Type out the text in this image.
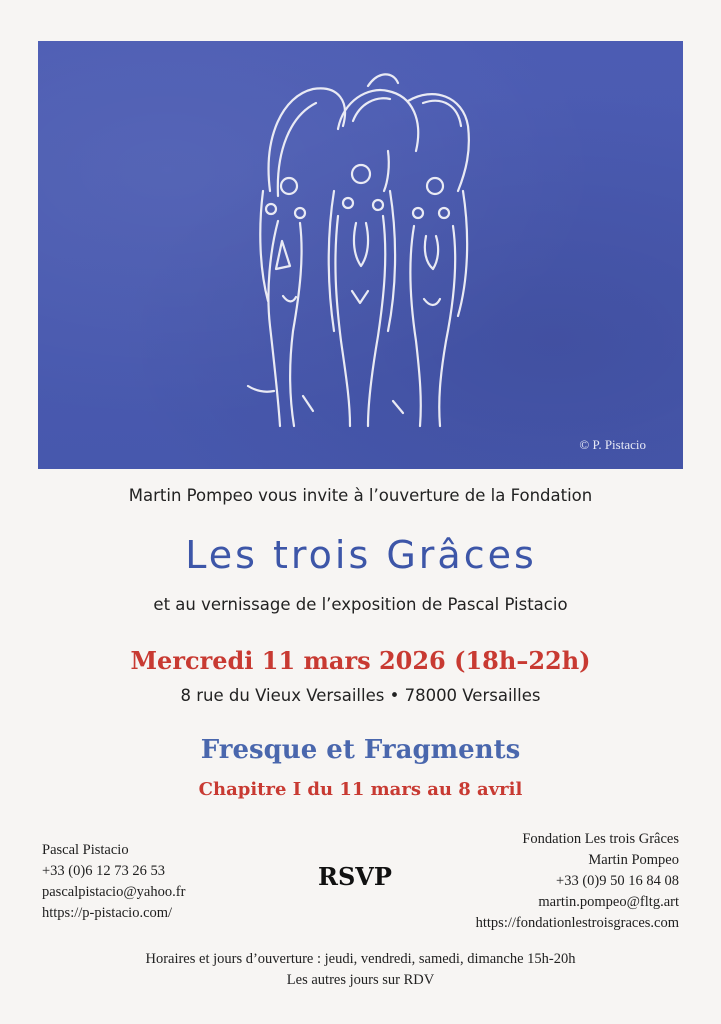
© P. Pistacio
Martin Pompeo vous invite à l’ouverture de la Fondation
Les trois Grâces
et au vernissage de l’exposition de Pascal Pistacio
Mercredi 11 mars 2026 (18h–22h)
8 rue du Vieux Versailles • 78000 Versailles
Fresque et Fragments
Chapitre I du 11 mars au 8 avril
Pascal Pistacio
+33 (0)6 12 73 26 53
pascalpistacio@yahoo.fr
https://p-pistacio.com/
RSVP
Fondation Les trois Grâces
Martin Pompeo
+33 (0)9 50 16 84 08
martin.pompeo@fltg.art
https://fondationlestroisgraces.com
Horaires et jours d’ouverture : jeudi, vendredi, samedi, dimanche 15h-20h
Les autres jours sur RDV
